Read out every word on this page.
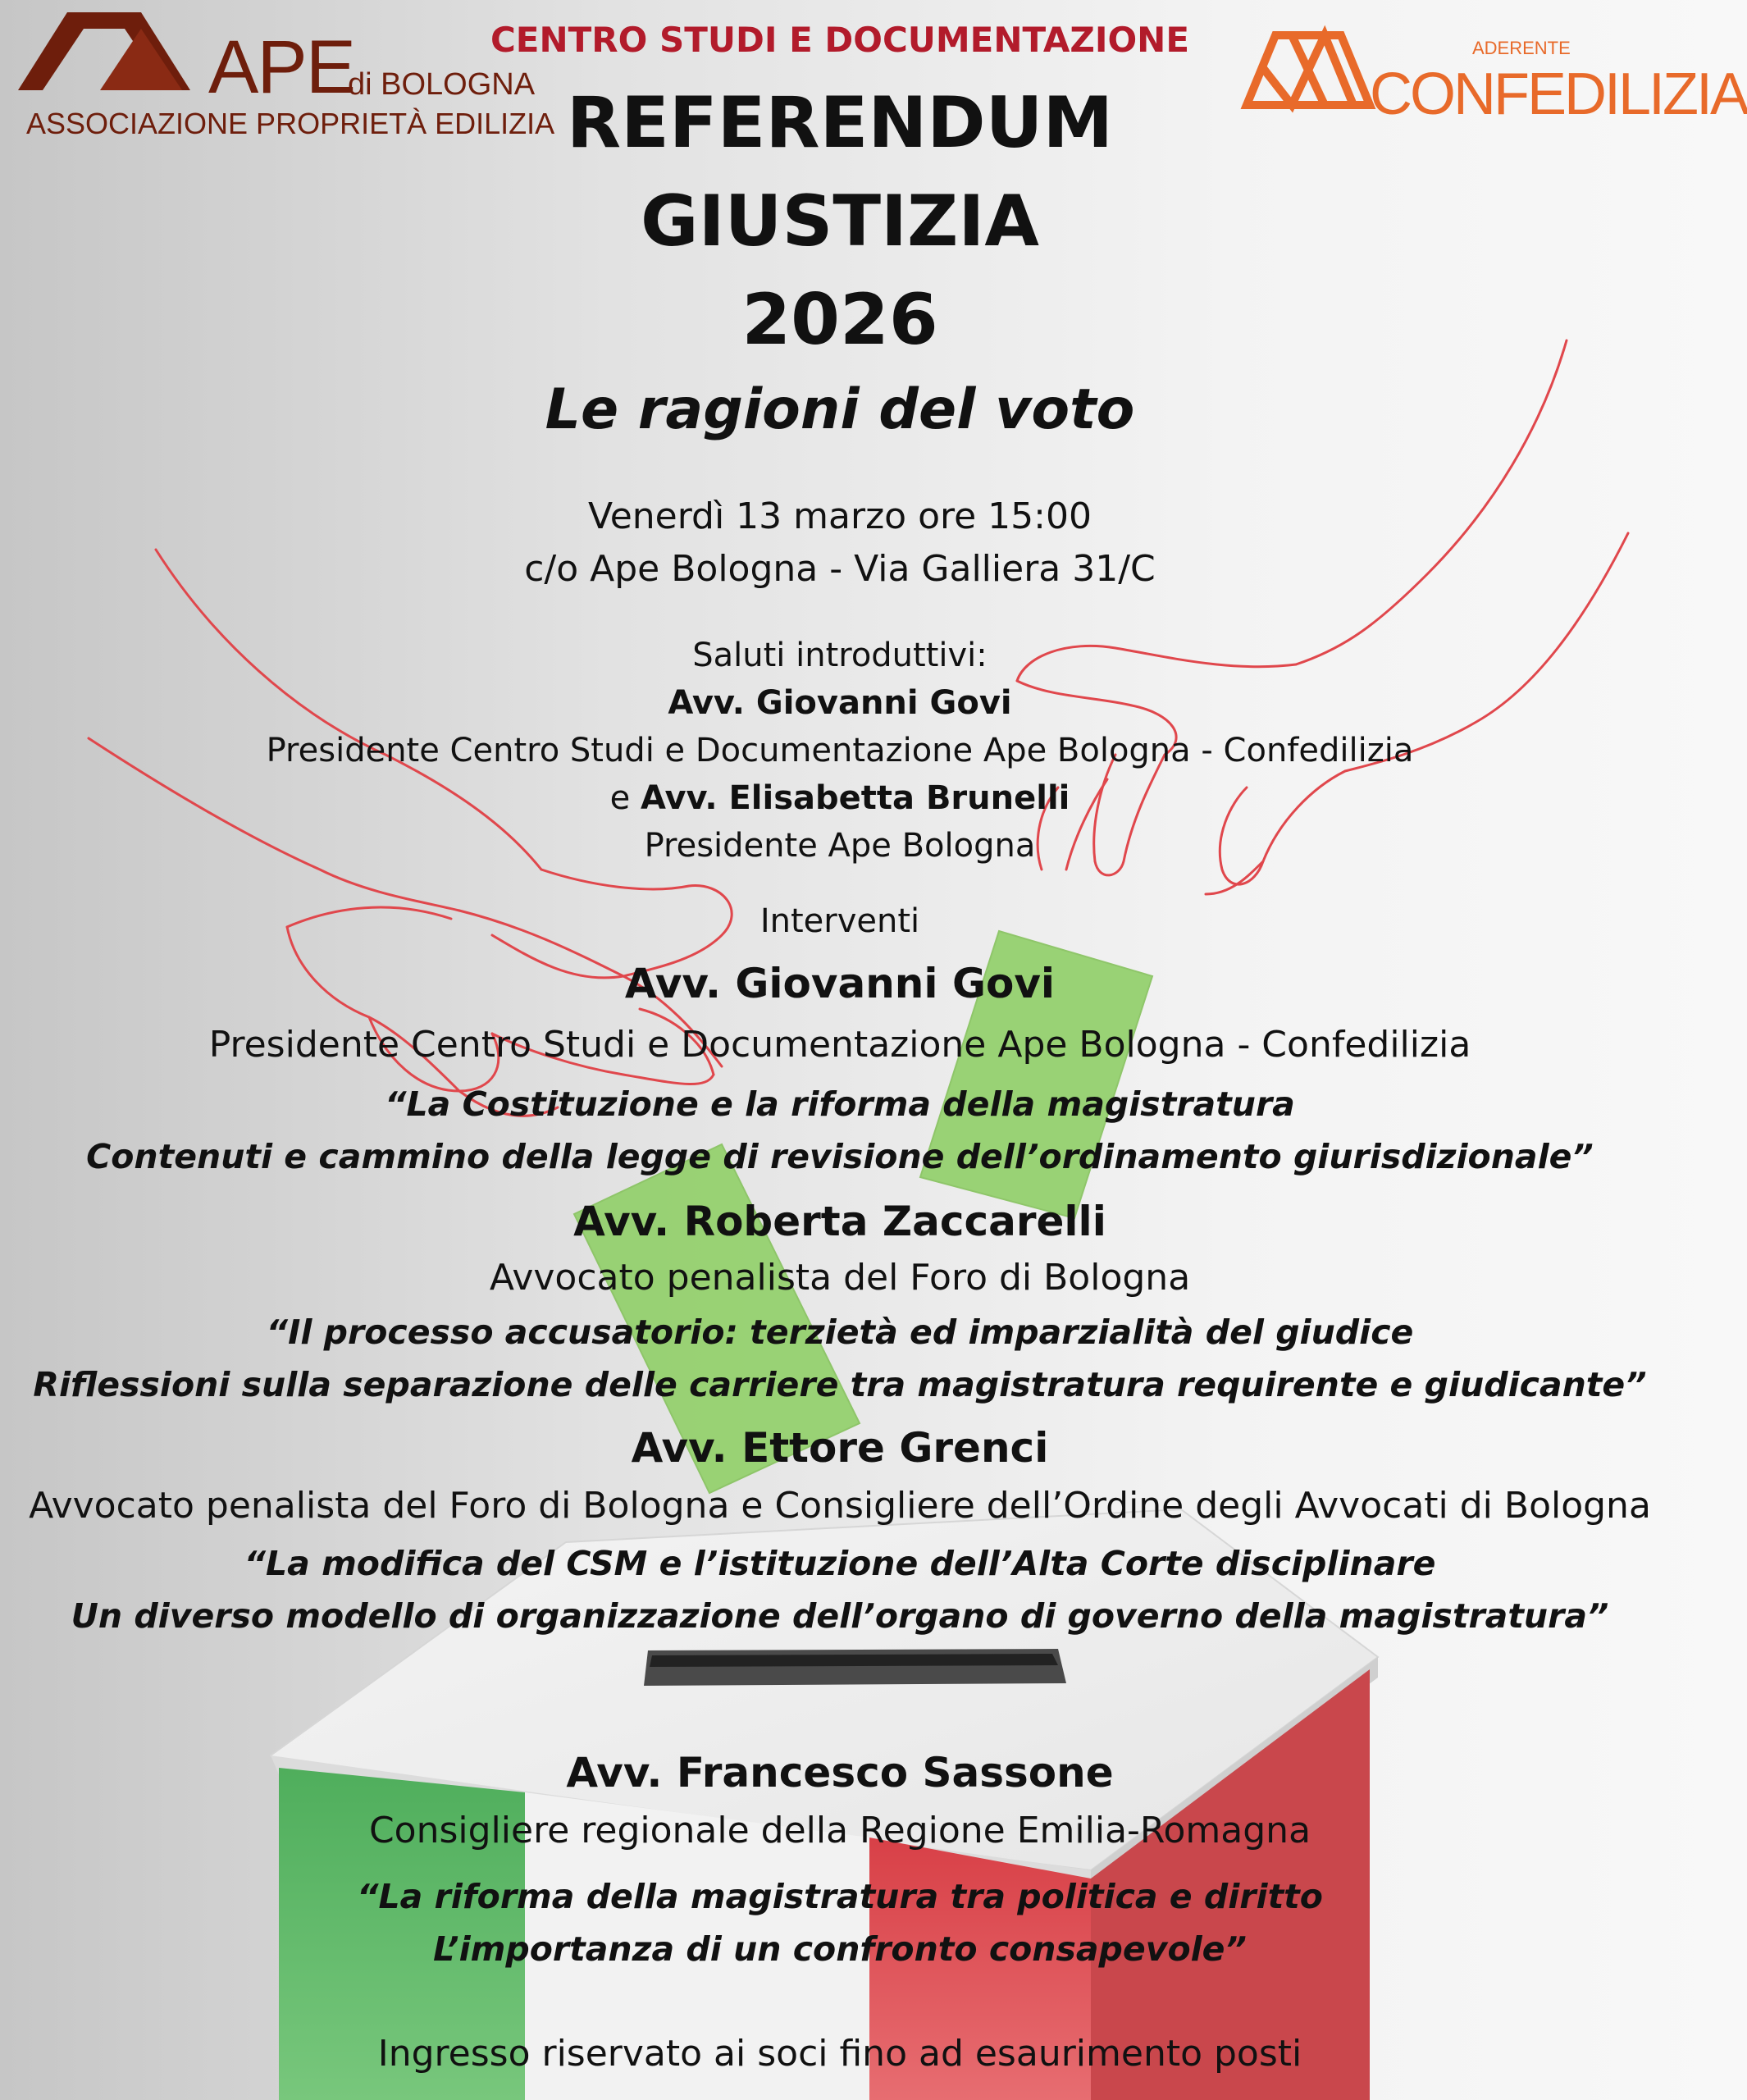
APE
di BOLOGNA
ASSOCIAZIONE PROPRIETÀ EDILIZIA
ADERENTE
CONFEDILIZIA
CENTRO STUDI E DOCUMENTAZIONE
REFERENDUM
GIUSTIZIA
2026
Le ragioni del voto
Venerdì 13 marzo ore 15:00
c/o Ape Bologna - Via Galliera 31/C
Saluti introduttivi:
Avv. Giovanni Govi
Presidente Centro Studi e Documentazione Ape Bologna - Confedilizia
e Avv. Elisabetta Brunelli
Presidente Ape Bologna
Interventi
Avv. Giovanni Govi
Presidente Centro Studi e Documentazione Ape Bologna - Confedilizia
“La Costituzione e la riforma della magistratura
Contenuti e cammino della legge di revisione dell’ordinamento giurisdizionale”
Avv. Roberta Zaccarelli
Avvocato penalista del Foro di Bologna
“Il processo accusatorio: terzietà ed imparzialità del giudice
Riflessioni sulla separazione delle carriere tra magistratura requirente e giudicante”
Avv. Ettore Grenci
Avvocato penalista del Foro di Bologna e Consigliere dell’Ordine degli Avvocati di Bologna
“La modifica del CSM e l’istituzione dell’Alta Corte disciplinare
Un diverso modello di organizzazione dell’organo di governo della magistratura”
Avv. Francesco Sassone
Consigliere regionale della Regione Emilia-Romagna
“La riforma della magistratura tra politica e diritto
L’importanza di un confronto consapevole”
Ingresso riservato ai soci fino ad esaurimento posti
